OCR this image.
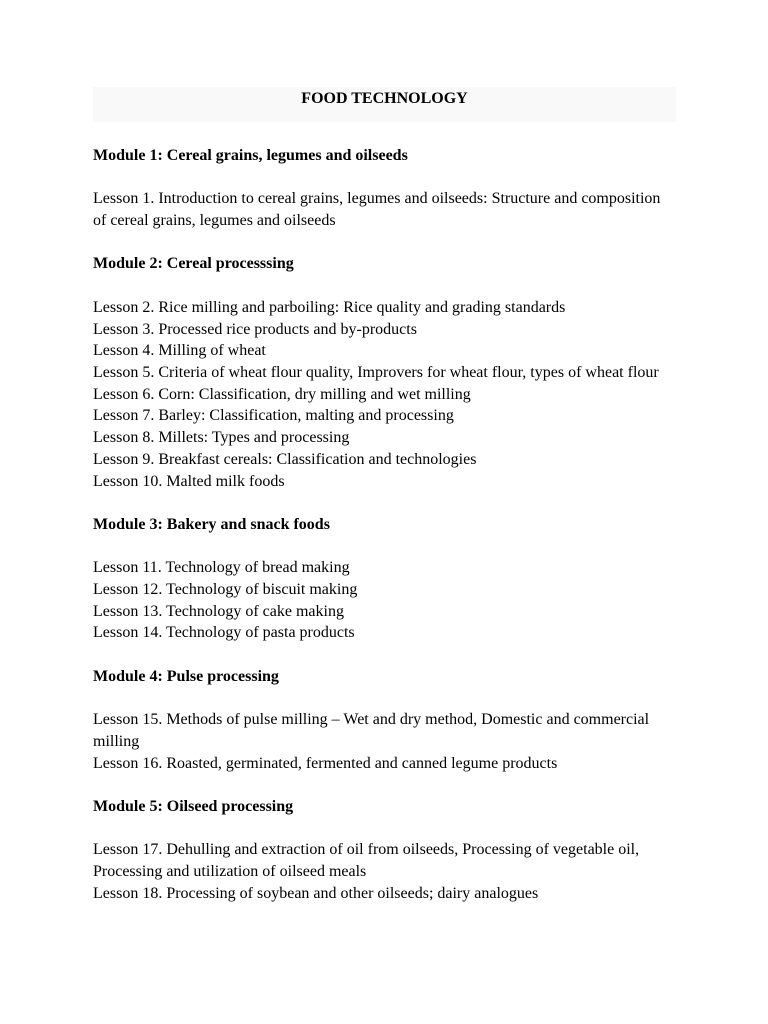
FOOD TECHNOLOGY

Module 1: Cereal grains, legumes and oilseeds

Lesson 1. Introduction to cereal grains, legumes and oilseeds: Structure and composition of cereal grains, legumes and oilseeds

Module 2: Cereal processsing

Lesson 2. Rice milling and parboiling: Rice quality and grading standards
Lesson 3. Processed rice products and by-products
Lesson 4. Milling of wheat
Lesson 5. Criteria of wheat flour quality, Improvers for wheat flour, types of wheat flour
Lesson 6. Corn: Classification, dry milling and wet milling
Lesson 7. Barley: Classification, malting and processing
Lesson 8. Millets: Types and processing
Lesson 9. Breakfast cereals: Classification and technologies
Lesson 10. Malted milk foods

Module 3: Bakery and snack foods

Lesson 11. Technology of bread making
Lesson 12. Technology of biscuit making
Lesson 13. Technology of cake making
Lesson 14. Technology of pasta products

Module 4: Pulse processing

Lesson 15. Methods of pulse milling – Wet and dry method, Domestic and commercial milling
Lesson 16. Roasted, germinated, fermented and canned legume products

Module 5: Oilseed processing

Lesson 17. Dehulling and extraction of oil from oilseeds, Processing of vegetable oil, Processing and utilization of oilseed meals
Lesson 18. Processing of soybean and other oilseeds; dairy analogues
